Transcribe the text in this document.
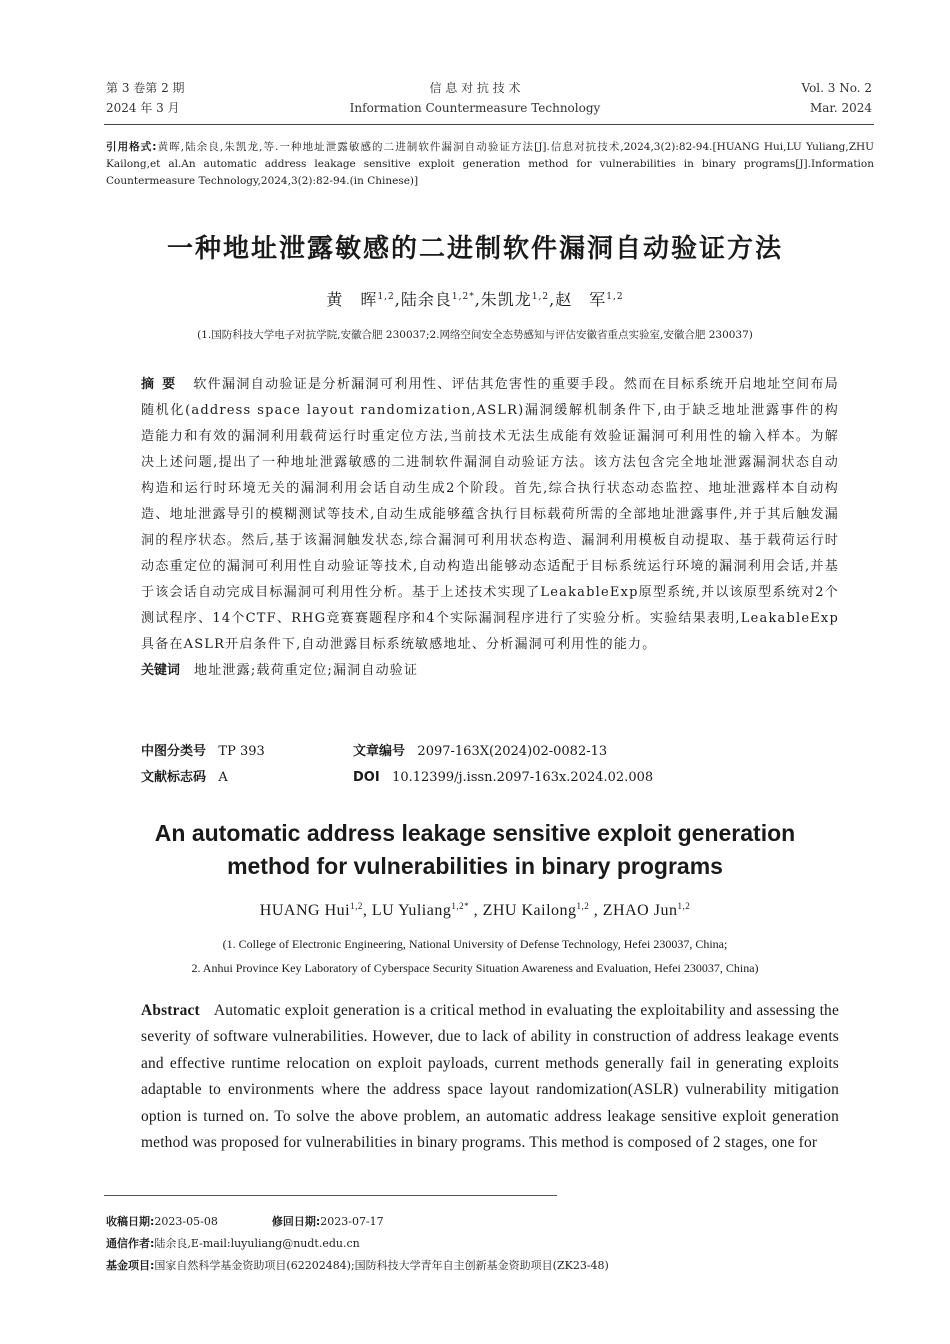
第 3 卷第 2 期
2024 年 3 月
信 息 对 抗 技 术
Information Countermeasure Technology
Vol. 3 No. 2
Mar. 2024
引用格式:黄晖,陆余良,朱凯龙,等.一种地址泄露敏感的二进制软件漏洞自动验证方法[J].信息对抗技术,2024,3(2):82-94.[HUANG Hui,LU Yuliang,ZHU Kailong,et al.An automatic address leakage sensitive exploit generation method for vulnerabilities in binary programs[J].Information Countermeasure Technology,2024,3(2):82-94.(in Chinese)]
一种地址泄露敏感的二进制软件漏洞自动验证方法
黄　晖$^{1,2}$,陆余良$^{1,2*}$,朱凯龙$^{1,2}$,赵　军$^{1,2}$
(1.国防科技大学电子对抗学院,安徽合肥 230037;2.网络空间安全态势感知与评估安徽省重点实验室,安徽合肥 230037)
摘要 软件漏洞自动验证是分析漏洞可利用性、评估其危害性的重要手段。然而在目标系统开启地址空间布局随机化(address space layout randomization,ASLR)漏洞缓解机制条件下,由于缺乏地址泄露事件的构造能力和有效的漏洞利用载荷运行时重定位方法,当前技术无法生成能有效验证漏洞可利用性的输入样本。为解决上述问题,提出了一种地址泄露敏感的二进制软件漏洞自动验证方法。该方法包含完全地址泄露漏洞状态自动构造和运行时环境无关的漏洞利用会话自动生成2个阶段。首先,综合执行状态动态监控、地址泄露样本自动构造、地址泄露导引的模糊测试等技术,自动生成能够蕴含执行目标载荷所需的全部地址泄露事件,并于其后触发漏洞的程序状态。然后,基于该漏洞触发状态,综合漏洞可利用状态构造、漏洞利用模板自动提取、基于载荷运行时动态重定位的漏洞可利用性自动验证等技术,自动构造出能够动态适配于目标系统运行环境的漏洞利用会话,并基于该会话自动完成目标漏洞可利用性分析。基于上述技术实现了LeakableExp原型系统,并以该原型系统对2个测试程序、14个CTF、RHG竞赛赛题程序和4个实际漏洞程序进行了实验分析。实验结果表明,LeakableExp具备在ASLR开启条件下,自动泄露目标系统敏感地址、分析漏洞可利用性的能力。
关键词 地址泄露;载荷重定位;漏洞自动验证
中图分类号 TP 393	文章编号 2097-163X(2024)02-0082-13
文献标志码 A	DOI 10.12399/j.issn.2097-163x.2024.02.008
An automatic address leakage sensitive exploit generation
method for vulnerabilities in binary programs
HUANG Hui$^{1,2}$, LU Yuliang$^{1,2*}$ , ZHU Kailong$^{1,2}$ , ZHAO Jun$^{1,2}$
(1. College of Electronic Engineering, National University of Defense Technology, Hefei 230037, China;
2. Anhui Province Key Laboratory of Cyberspace Security Situation Awareness and Evaluation, Hefei 230037, China)
Abstract Automatic exploit generation is a critical method in evaluating the exploitability and assessing the severity of software vulnerabilities. However, due to lack of ability in construction of address leakage events and effective runtime relocation on exploit payloads, current methods generally fail in generating exploits adaptable to environments where the address space layout randomization(ASLR) vulnerability mitigation option is turned on. To solve the above problem, an automatic address leakage sensitive exploit generation method was proposed for vulnerabilities in binary programs. This method is composed of 2 stages, one for
收稿日期:2023-05-08	修回日期:2023-07-17
通信作者:陆余良,E-mail:luyuliang@nudt.edu.cn
基金项目:国家自然科学基金资助项目(62202484);国防科技大学青年自主创新基金资助项目(ZK23-48)
